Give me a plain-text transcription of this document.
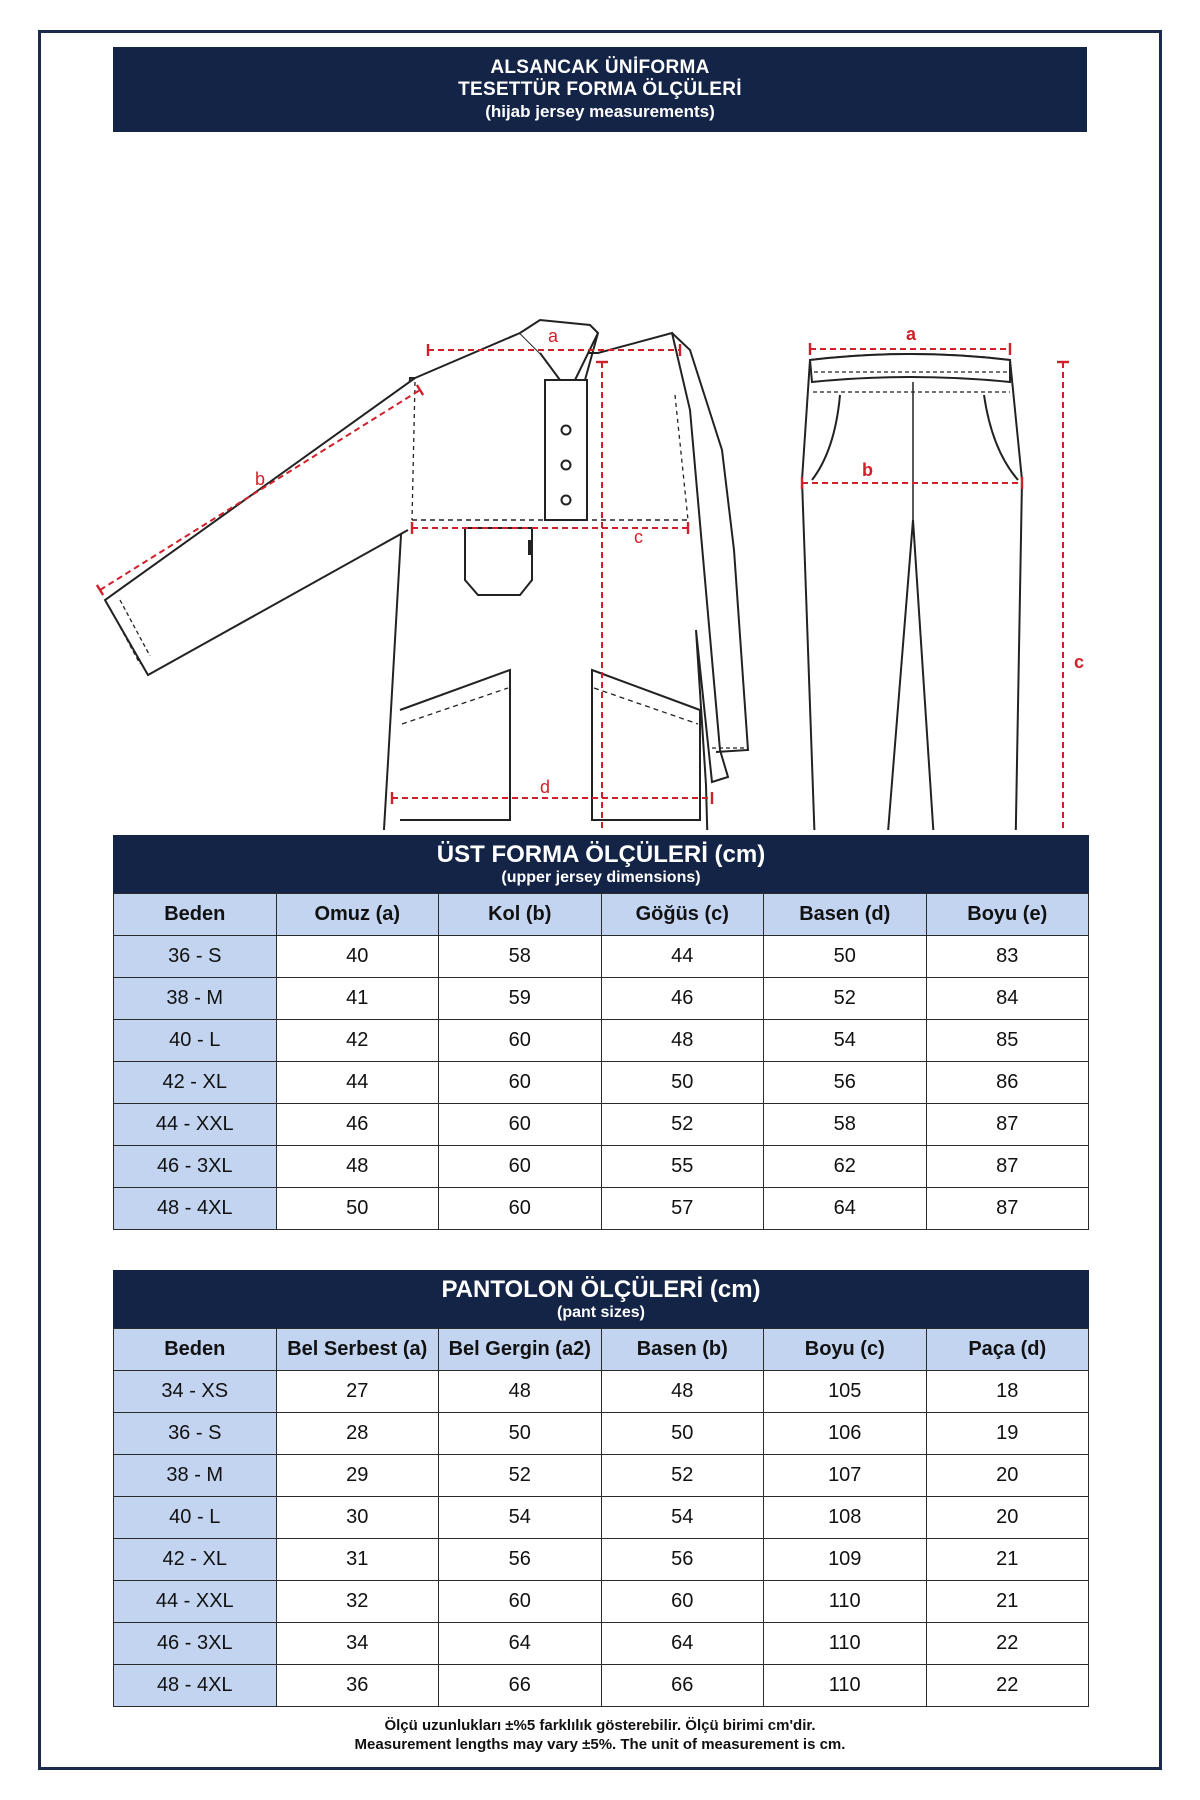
ALSANCAK ÜNİFORMA
TESETTÜR FORMA ÖLÇÜLERİ
(hijab jersey measurements)
a
b
c
d
a
b
c
ÜST FORMA ÖLÇÜLERİ (cm)
(upper jersey dimensions)
Beden	Omuz (a)	Kol (b)	Göğüs (c)	Basen (d)	Boyu (e)
36 - S	40	58	44	50	83
38 - M	41	59	46	52	84
40 - L	42	60	48	54	85
42 - XL	44	60	50	56	86
44 - XXL	46	60	52	58	87
46 - 3XL	48	60	55	62	87
48 - 4XL	50	60	57	64	87
PANTOLON ÖLÇÜLERİ (cm)
(pant sizes)
Beden	Bel Serbest (a)	Bel Gergin (a2)	Basen (b)	Boyu (c)	Paça (d)
34 - XS	27	48	48	105	18
36 - S	28	50	50	106	19
38 - M	29	52	52	107	20
40 - L	30	54	54	108	20
42 - XL	31	56	56	109	21
44 - XXL	32	60	60	110	21
46 - 3XL	34	64	64	110	22
48 - 4XL	36	66	66	110	22
Ölçü uzunlukları ±%5 farklılık gösterebilir. Ölçü birimi cm'dir.
Measurement lengths may vary ±5%. The unit of measurement is cm.
